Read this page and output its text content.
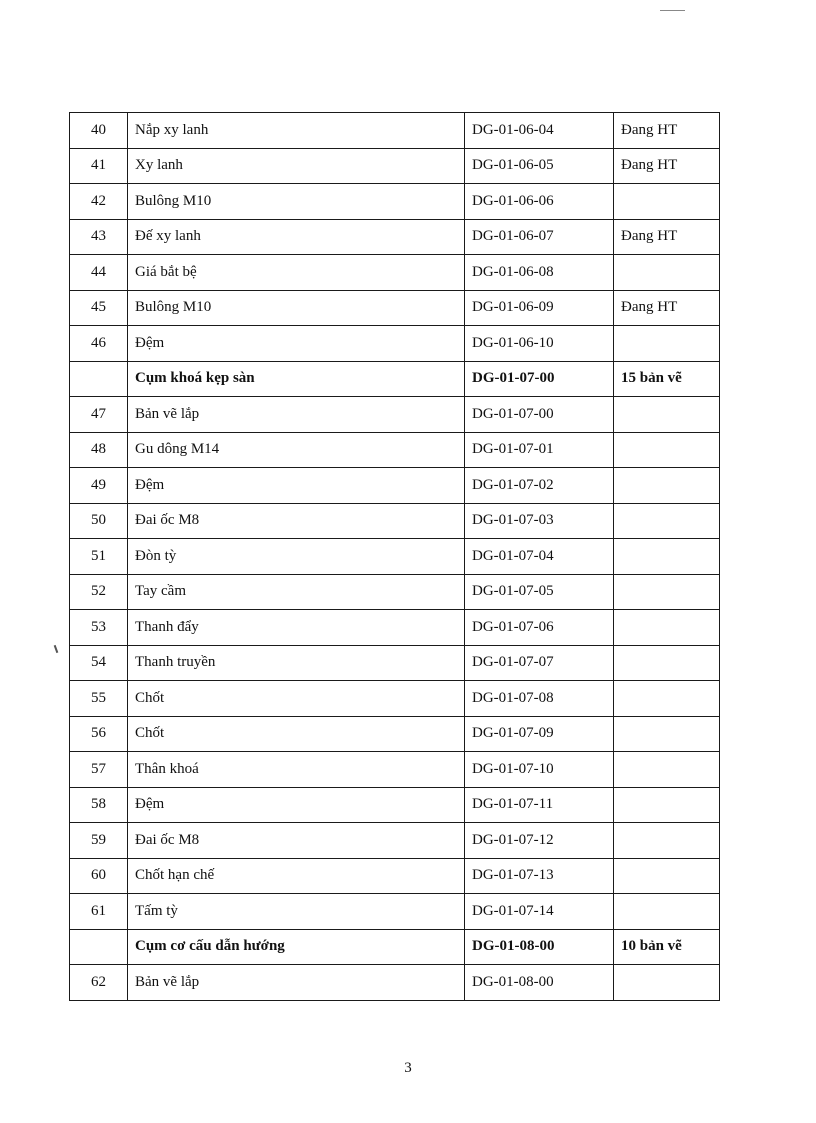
40	Nắp xy lanh	DG-01-06-04	Đang HT
41	Xy lanh	DG-01-06-05	Đang HT
42	Bulông M10	DG-01-06-06	
43	Đế xy lanh	DG-01-06-07	Đang HT
44	Giá bắt bệ	DG-01-06-08	
45	Bulông M10	DG-01-06-09	Đang HT
46	Đệm	DG-01-06-10	
	Cụm khoá kẹp sàn	DG-01-07-00	15 bản vẽ
47	Bản vẽ lắp	DG-01-07-00	
48	Gu dông M14	DG-01-07-01	
49	Đệm	DG-01-07-02	
50	Đai ốc M8	DG-01-07-03	
51	Đòn tỳ	DG-01-07-04	
52	Tay cầm	DG-01-07-05	
53	Thanh đẩy	DG-01-07-06	
54	Thanh truyền	DG-01-07-07	
55	Chốt	DG-01-07-08	
56	Chốt	DG-01-07-09	
57	Thân khoá	DG-01-07-10	
58	Đệm	DG-01-07-11	
59	Đai ốc M8	DG-01-07-12	
60	Chốt hạn chế	DG-01-07-13	
61	Tấm tỳ	DG-01-07-14	
	Cụm cơ cấu dẫn hướng	DG-01-08-00	10 bản vẽ
62	Bản vẽ lắp	DG-01-08-00	
3
